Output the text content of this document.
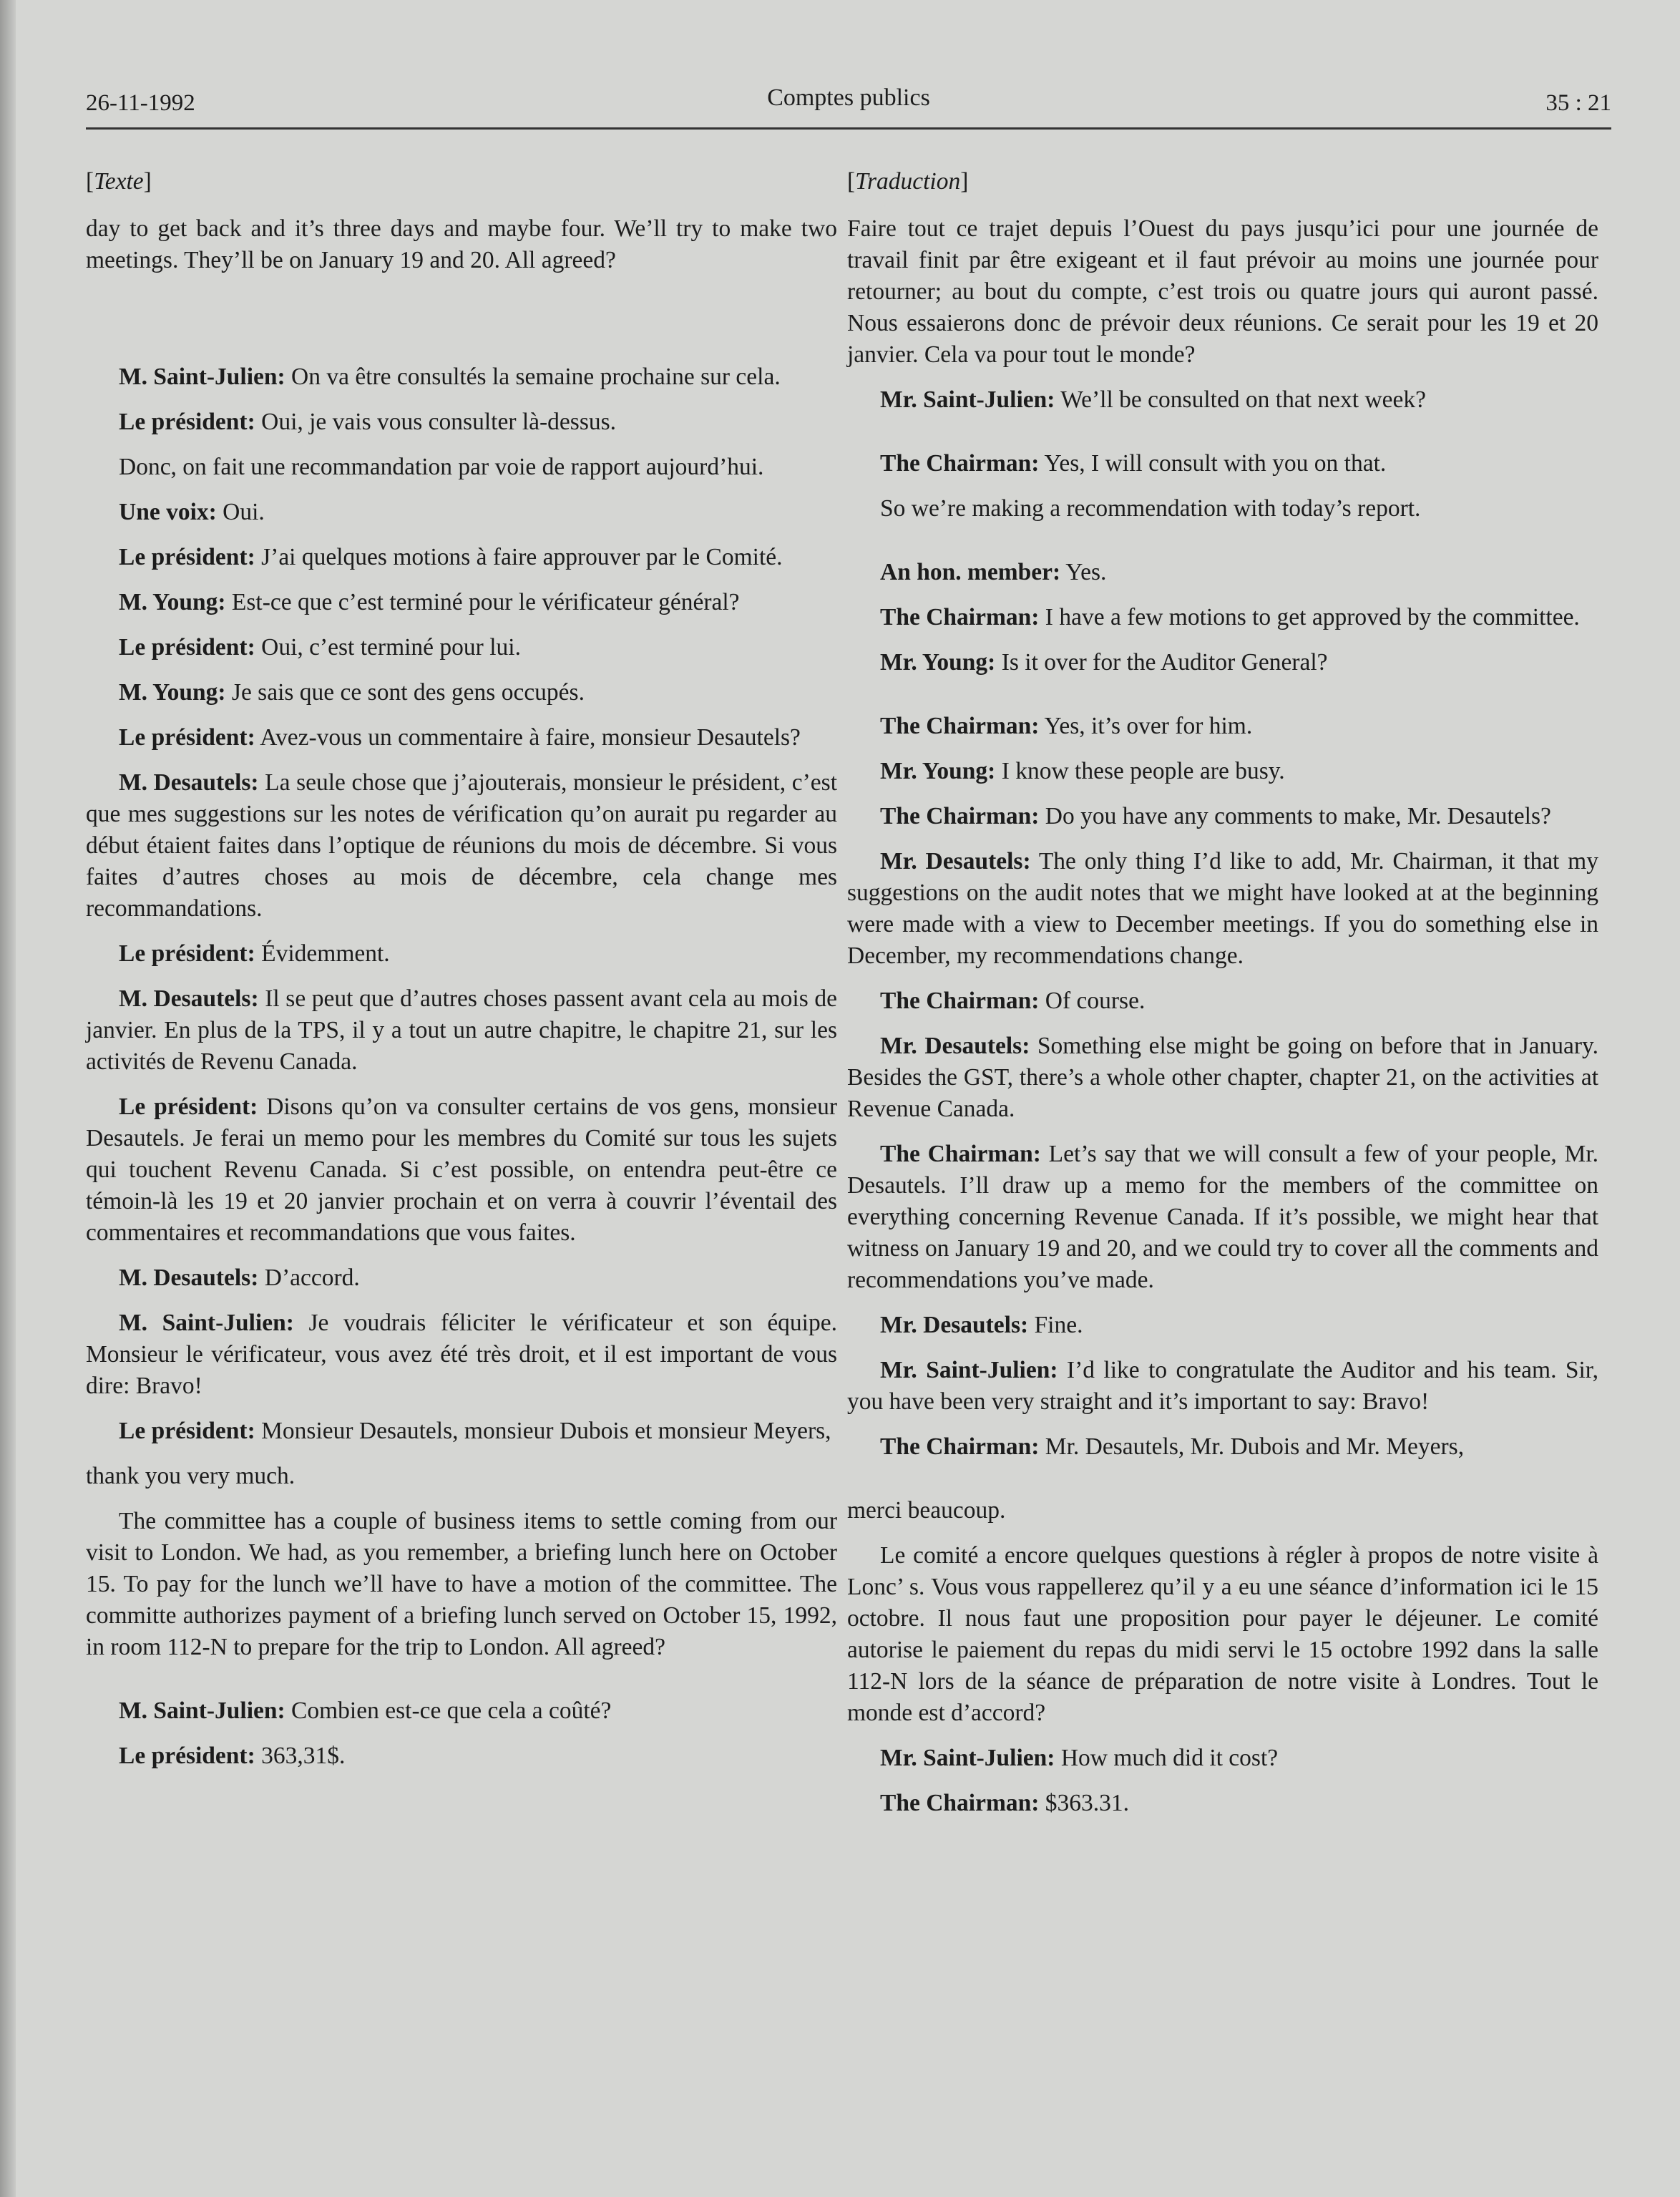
26-11-1992	Comptes publics	35 : 21
[Texte]

day to get back and it’s three days and maybe four. We’ll try to make two meetings. They’ll be on January 19 and 20. All agreed?

M. Saint-Julien: On va être consultés la semaine prochaine sur cela.

Le président: Oui, je vais vous consulter là-dessus.

Donc, on fait une recommandation par voie de rapport aujourd’hui.

Une voix: Oui.

Le président: J’ai quelques motions à faire approuver par le Comité.

M. Young: Est-ce que c’est terminé pour le vérificateur général?

Le président: Oui, c’est terminé pour lui.

M. Young: Je sais que ce sont des gens occupés.

Le président: Avez-vous un commentaire à faire, monsieur Desautels?

M. Desautels: La seule chose que j’ajouterais, monsieur le président, c’est que mes suggestions sur les notes de vérification qu’on aurait pu regarder au début étaient faites dans l’optique de réunions du mois de décembre. Si vous faites d’autres choses au mois de décembre, cela change mes recommandations.

Le président: Évidemment.

M. Desautels: Il se peut que d’autres choses passent avant cela au mois de janvier. En plus de la TPS, il y a tout un autre chapitre, le chapitre 21, sur les activités de Revenu Canada.

Le président: Disons qu’on va consulter certains de vos gens, monsieur Desautels. Je ferai un memo pour les membres du Comité sur tous les sujets qui touchent Revenu Canada. Si c’est possible, on entendra peut-être ce témoin-là les 19 et 20 janvier prochain et on verra à couvrir l’éventail des commentaires et recommandations que vous faites.

M. Desautels: D’accord.

M. Saint-Julien: Je voudrais féliciter le vérificateur et son équipe. Monsieur le vérificateur, vous avez été très droit, et il est important de vous dire: Bravo!

Le président: Monsieur Desautels, monsieur Dubois et monsieur Meyers,

thank you very much.

The committee has a couple of business items to settle coming from our visit to London. We had, as you remember, a briefing lunch here on October 15. To pay for the lunch we’ll have to have a motion of the committee. The committe authorizes payment of a briefing lunch served on October 15, 1992, in room 112-N to prepare for the trip to London. All agreed?

M. Saint-Julien: Combien est-ce que cela a coûté?

Le président: 363,31$.

[Traduction]

Faire tout ce trajet depuis l’Ouest du pays jusqu’ici pour une journée de travail finit par être exigeant et il faut prévoir au moins une journée pour retourner; au bout du compte, c’est trois ou quatre jours qui auront passé. Nous essaierons donc de prévoir deux réunions. Ce serait pour les 19 et 20 janvier. Cela va pour tout le monde?

Mr. Saint-Julien: We’ll be consulted on that next week?

The Chairman: Yes, I will consult with you on that.

So we’re making a recommendation with today’s report.

An hon. member: Yes.

The Chairman: I have a few motions to get approved by the committee.

Mr. Young: Is it over for the Auditor General?

The Chairman: Yes, it’s over for him.

Mr. Young: I know these people are busy.

The Chairman: Do you have any comments to make, Mr. Desautels?

Mr. Desautels: The only thing I’d like to add, Mr. Chairman, it that my suggestions on the audit notes that we might have looked at at the beginning were made with a view to December meetings. If you do something else in December, my recommendations change.

The Chairman: Of course.

Mr. Desautels: Something else might be going on before that in January. Besides the GST, there’s a whole other chapter, chapter 21, on the activities at Revenue Canada.

The Chairman: Let’s say that we will consult a few of your people, Mr. Desautels. I’ll draw up a memo for the members of the committee on everything concerning Revenue Canada. If it’s possible, we might hear that witness on January 19 and 20, and we could try to cover all the comments and recommendations you’ve made.

Mr. Desautels: Fine.

Mr. Saint-Julien: I’d like to congratulate the Auditor and his team. Sir, you have been very straight and it’s important to say: Bravo!

The Chairman: Mr. Desautels, Mr. Dubois and Mr. Meyers,

merci beaucoup.

Le comité a encore quelques questions à régler à propos de notre visite à Lonc’ s. Vous vous rappellerez qu’il y a eu une séance d’information ici le 15 octobre. Il nous faut une proposition pour payer le déjeuner. Le comité autorise le paiement du repas du midi servi le 15 octobre 1992 dans la salle 112-N lors de la séance de préparation de notre visite à Londres. Tout le monde est d’accord?

Mr. Saint-Julien: How much did it cost?

The Chairman: $363.31.
